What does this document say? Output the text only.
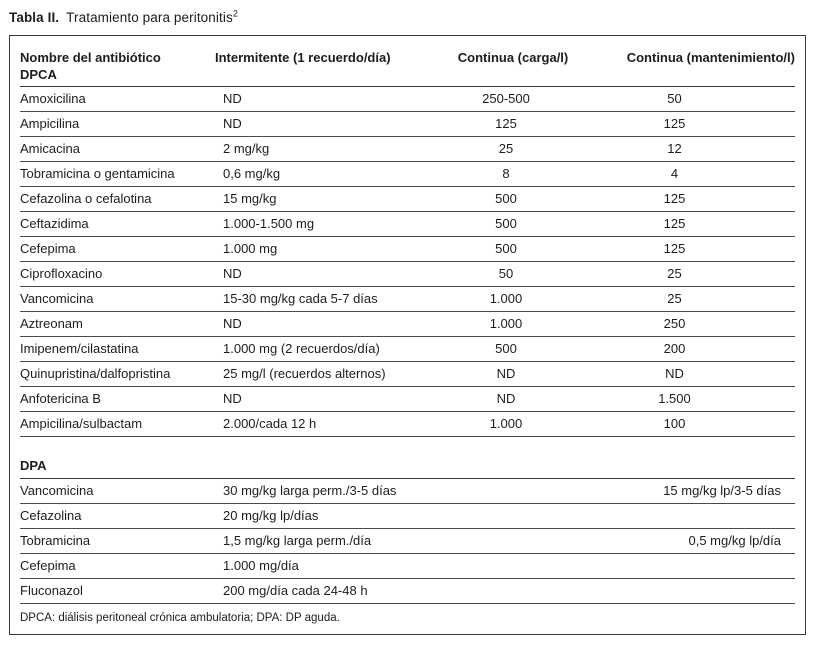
Tabla II. Tratamiento para peritonitis$^2$
Nombre del antibiótico
DPCA	Intermitente (1 recuerdo/día)	Continua (carga/l)	Continua (mantenimiento/l)
Amoxicilina	ND	250-500	50
Ampicilina	ND	125	125
Amicacina	2 mg/kg	25	12
Tobramicina o gentamicina	0,6 mg/kg	8	4
Cefazolina o cefalotina	15 mg/kg	500	125
Ceftazidima	1.000-1.500 mg	500	125
Cefepima	1.000 mg	500	125
Ciprofloxacino	ND	50	25
Vancomicina	15-30 mg/kg cada 5-7 días	1.000	25
Aztreonam	ND	1.000	250
Imipenem/cilastatina	1.000 mg (2 recuerdos/día)	500	200
Quinupristina/dalfopristina	25 mg/l (recuerdos alternos)	ND	ND
Anfotericina B	ND	ND	1.500
Ampicilina/sulbactam	2.000/cada 12 h	1.000	100

DPA			
Vancomicina	30 mg/kg larga perm./3-5 días		15 mg/kg lp/3-5 días
Cefazolina	20 mg/kg lp/días		
Tobramicina	1,5 mg/kg larga perm./día		0,5 mg/kg lp/día
Cefepima	1.000 mg/día		
Fluconazol	200 mg/día cada 24-48 h		
DPCA: diálisis peritoneal crónica ambulatoria; DPA: DP aguda.
